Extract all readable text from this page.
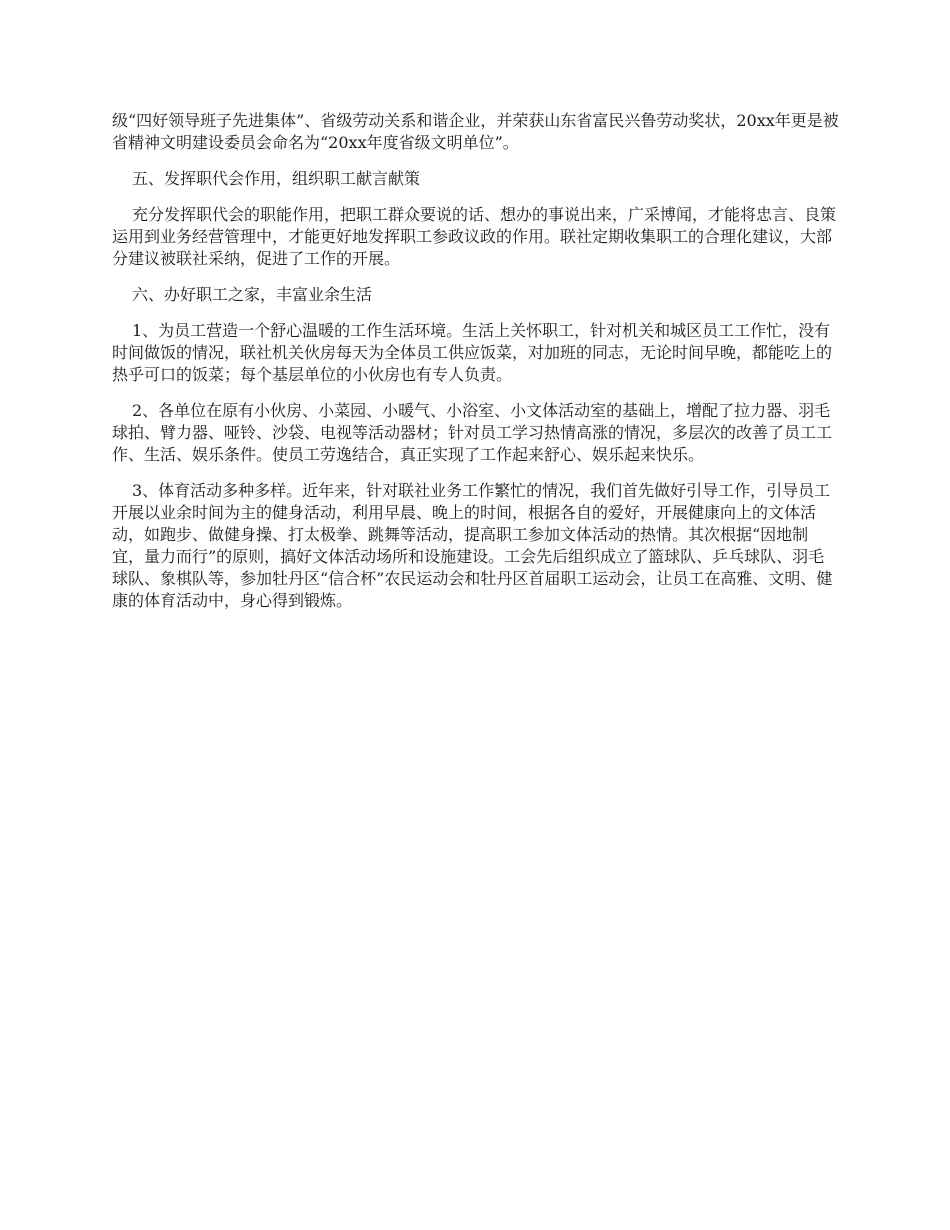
级“四好领导班子先进集体”、省级劳动关系和谐企业，并荣获山东省富民兴鲁劳动奖状，20xx年更是被省精神文明建设委员会命名为“20xx年度省级文明单位”。

五、发挥职代会作用，组织职工献言献策

充分发挥职代会的职能作用，把职工群众要说的话、想办的事说出来，广采博闻，才能将忠言、良策运用到业务经营管理中，才能更好地发挥职工参政议政的作用。联社定期收集职工的合理化建议，大部分建议被联社采纳，促进了工作的开展。

六、办好职工之家，丰富业余生活

1、为员工营造一个舒心温暖的工作生活环境。生活上关怀职工，针对机关和城区员工工作忙，没有时间做饭的情况，联社机关伙房每天为全体员工供应饭菜，对加班的同志，无论时间早晚，都能吃上的热乎可口的饭菜；每个基层单位的小伙房也有专人负责。

2、各单位在原有小伙房、小菜园、小暖气、小浴室、小文体活动室的基础上，增配了拉力器、羽毛球拍、臂力器、哑铃、沙袋、电视等活动器材；针对员工学习热情高涨的情况，多层次的改善了员工工作、生活、娱乐条件。使员工劳逸结合，真正实现了工作起来舒心、娱乐起来快乐。

3、体育活动多种多样。近年来，针对联社业务工作繁忙的情况，我们首先做好引导工作，引导员工开展以业余时间为主的健身活动，利用早晨、晚上的时间，根据各自的爱好，开展健康向上的文体活动，如跑步、做健身操、打太极拳、跳舞等活动，提高职工参加文体活动的热情。其次根据“因地制宜，量力而行”的原则，搞好文体活动场所和设施建设。工会先后组织成立了篮球队、乒乓球队、羽毛球队、象棋队等，参加牡丹区“信合杯”农民运动会和牡丹区首届职工运动会，让员工在高雅、文明、健康的体育活动中，身心得到锻炼。
